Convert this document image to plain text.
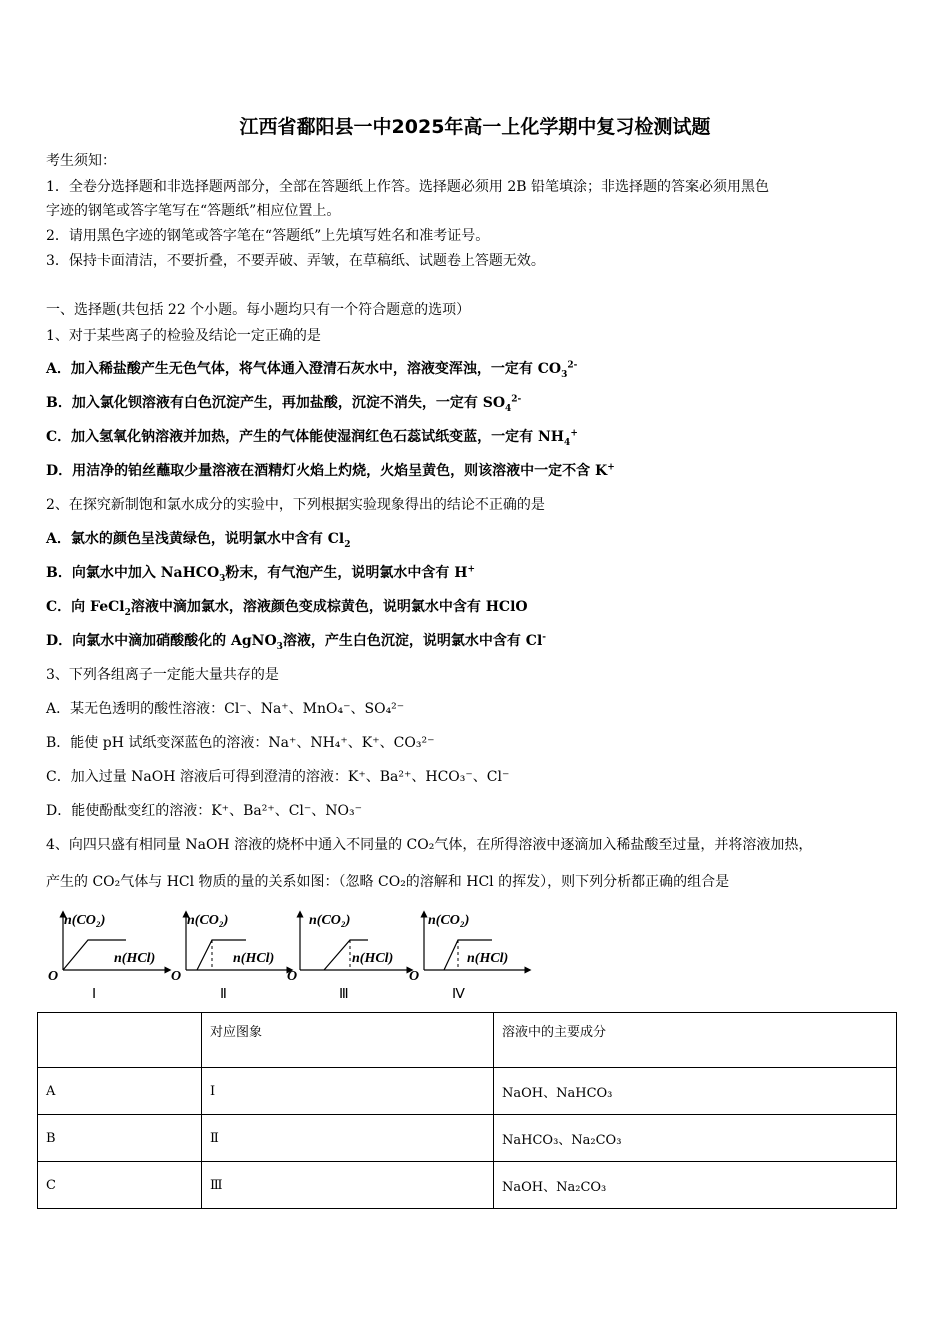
江西省鄱阳县一中2025年高一上化学期中复习检测试题
考生须知：
1．全卷分选择题和非选择题两部分，全部在答题纸上作答。选择题必须用 2B 铅笔填涂；非选择题的答案必须用黑色
字迹的钢笔或答字笔写在“答题纸”相应位置上。
2．请用黑色字迹的钢笔或答字笔在“答题纸”上先填写姓名和准考证号。
3．保持卡面清洁，不要折叠，不要弄破、弄皱，在草稿纸、试题卷上答题无效。
一、选择题(共包括 22 个小题。每小题均只有一个符合题意的选项）
1、对于某些离子的检验及结论一定正确的是
A．加入稀盐酸产生无色气体，将气体通入澄清石灰水中，溶液变浑浊，一定有 $CO_3^{2-}$
B．加入氯化钡溶液有白色沉淀产生，再加盐酸，沉淀不消失，一定有 $SO_4^{2-}$
C．加入氢氧化钠溶液并加热，产生的气体能使湿润红色石蕊试纸变蓝，一定有 $NH_4^+$
D．用洁净的铂丝蘸取少量溶液在酒精灯火焰上灼烧，火焰呈黄色，则该溶液中一定不含 K+
2、在探究新制饱和氯水成分的实验中，下列根据实验现象得出的结论不正确的是
A．氯水的颜色呈浅黄绿色，说明氯水中含有 $Cl_2$
B．向氯水中加入 NaHCO$_3$粉末，有气泡产生，说明氯水中含有 H+
C．向 FeCl$_2$溶液中滴加氯水，溶液颜色变成棕黄色，说明氯水中含有 HClO
D．向氯水中滴加硝酸酸化的 AgNO$_3$溶液，产生白色沉淀，说明氯水中含有 Cl-
3、下列各组离子一定能大量共存的是
A．某无色透明的酸性溶液：Cl⁻、Na⁺、MnO₄⁻、SO₄²⁻
B．能使 pH 试纸变深蓝色的溶液：Na⁺、NH₄⁺、K⁺、CO₃²⁻
C．加入过量 NaOH 溶液后可得到澄清的溶液：K⁺、Ba²⁺、HCO₃⁻、Cl⁻
D．能使酚酞变红的溶液：K⁺、Ba²⁺、Cl⁻、NO₃⁻
4、向四只盛有相同量 NaOH 溶液的烧杯中通入不同量的 CO₂气体，在所得溶液中逐滴加入稀盐酸至过量，并将溶液加热，
产生的 CO₂气体与 HCl 物质的量的关系如图：（忽略 CO₂的溶解和 HCl 的挥发），则下列分析都正确的组合是
n(CO₂)
n(HCl)
O
Ⅰ
n(CO₂)
n(HCl)
O
Ⅱ
n(CO₂)
n(HCl)
O
Ⅲ
n(CO₂)
n(HCl)
O
Ⅳ
	对应图象	溶液中的主要成分
A	Ⅰ	NaOH、NaHCO₃
B	Ⅱ	NaHCO₃、Na₂CO₃
C	Ⅲ	NaOH、Na₂CO₃
